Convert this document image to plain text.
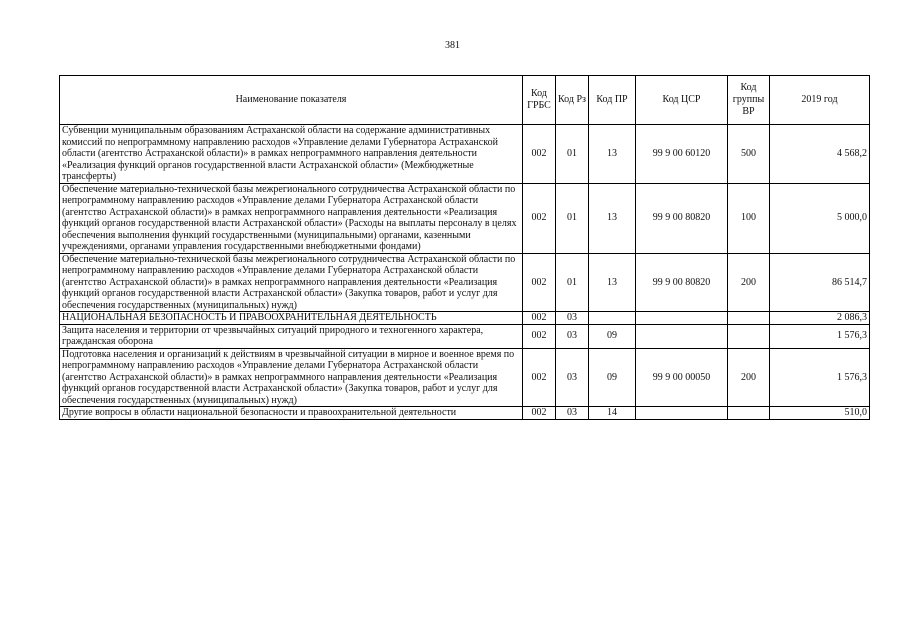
381
Наименование показателя	Код ГРБС	Код Рз	Код ПР	Код ЦСР	Код группы ВР	2019 год
Субвенции муниципальным образованиям Астраханской области на содержание административных комиссий по непрограммному направлению расходов «Управление делами Губернатора Астраханской области (агентство Астраханской области)» в рамках непрограммного направления деятельности «Реализация функций органов государственной власти Астраханской области» (Межбюджетные трансферты)	002	01	13	99 9 00 60120	500	4 568,2
Обеспечение материально-технической базы межрегионального сотрудничества Астраханской области по непрограммному направлению расходов «Управление делами Губернатора Астраханской области (агентство Астраханской области)» в рамках непрограммного направления деятельности «Реализация функций органов государственной власти Астраханской области» (Расходы на выплаты персоналу в целях обеспечения выполнения функций государственными (муниципальными) органами, казенными учреждениями, органами управления государственными внебюджетными фондами)	002	01	13	99 9 00 80820	100	5 000,0
Обеспечение материально-технической базы межрегионального сотрудничества Астраханской области по непрограммному направлению расходов «Управление делами Губернатора Астраханской области (агентство Астраханской области)» в рамках непрограммного направления деятельности «Реализация функций органов государственной власти Астраханской области» (Закупка товаров, работ и услуг для обеспечения государственных (муниципальных) нужд)	002	01	13	99 9 00 80820	200	86 514,7
НАЦИОНАЛЬНАЯ БЕЗОПАСНОСТЬ И ПРАВООХРАНИТЕЛЬНАЯ ДЕЯТЕЛЬНОСТЬ	002	03				2 086,3
Защита населения и территории от чрезвычайных ситуаций природного и техногенного характера, гражданская оборона	002	03	09			1 576,3
Подготовка населения и организаций к действиям в чрезвычайной ситуации в мирное и военное время по непрограммному направлению расходов «Управление делами Губернатора Астраханской области (агентство Астраханской области)» в рамках непрограммного направления деятельности «Реализация функций органов государственной власти Астраханской области» (Закупка товаров, работ и услуг для обеспечения государственных (муниципальных) нужд)	002	03	09	99 9 00 00050	200	1 576,3
Другие вопросы в области национальной безопасности и правоохранительной деятельности	002	03	14			510,0
